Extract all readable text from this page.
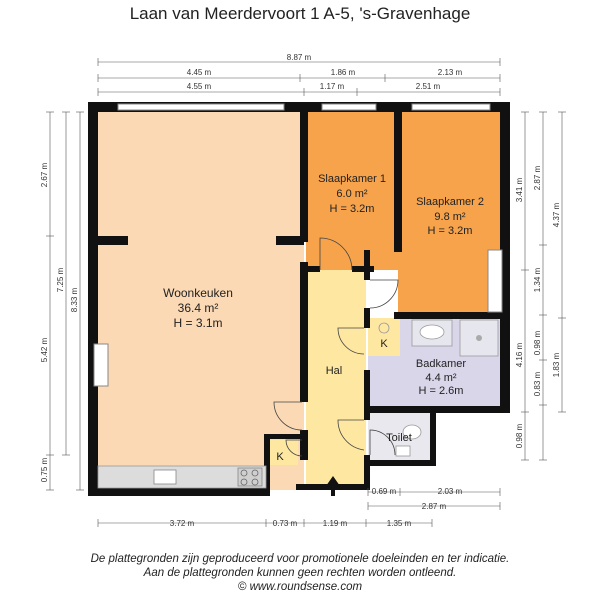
Laan van Meerdervoort 1 A-5, 's-Gravenhage
Woonkeuken
36.4 m²
H = 3.1m
Slaapkamer 1
6.0 m²
H = 3.2m
Slaapkamer 2
9.8 m²
H = 3.2m
Hal
Badkamer
4.4 m²
H = 2.6m
Toilet
K
K
8.87 m
4.45 m	1.86 m	2.13 m
4.55 m	1.17 m	2.51 m
2.67 m
5.42 m
0.75 m
7.25 m
8.33 m
3.41 m
4.16 m
0.98 m
2.87 m
1.34 m
0.98 m
0.83 m
1.83 m
4.37 m
0.69 m	2.03 m
2.87 m
3.72 m	0.73 m	1.19 m	1.35 m
De plattegronden zijn geproduceerd voor promotionele doeleinden en ter indicatie.
Aan de plattegronden kunnen geen rechten worden ontleend.
© www.roundsense.com
